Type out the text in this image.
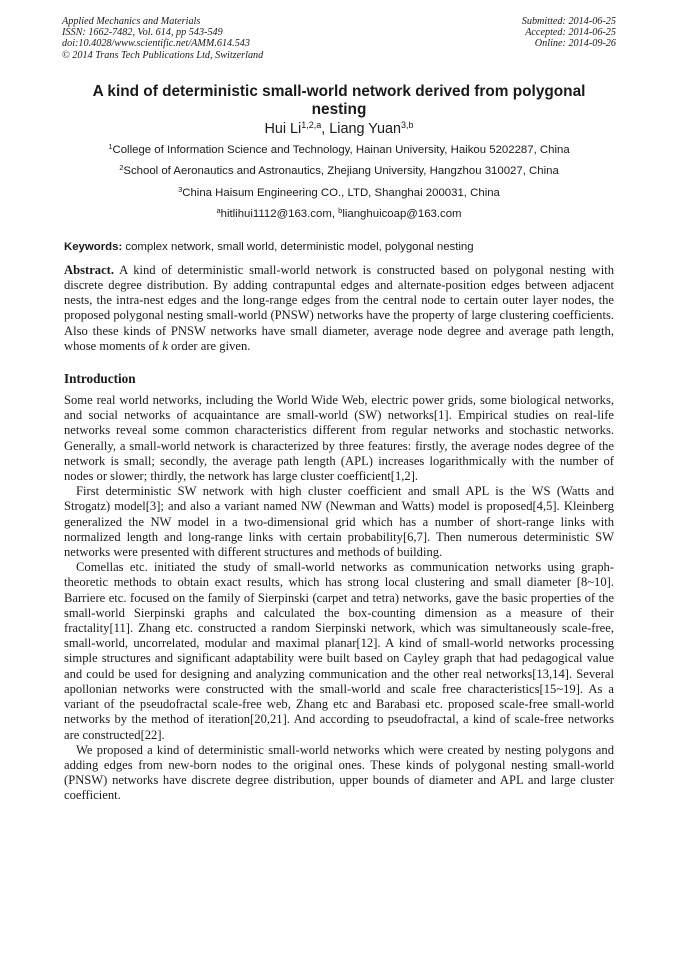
Applied Mechanics and Materials
ISSN: 1662-7482, Vol. 614, pp 543-549
doi:10.4028/www.scientific.net/AMM.614.543
© 2014 Trans Tech Publications Ltd, Switzerland
Submitted: 2014-06-25
Accepted: 2014-06-25
Online: 2014-09-26
A kind of deterministic small-world network derived from polygonal nesting
Hui Li$^{1,2,a}$, Liang Yuan$^{3,b}$
$^1$College of Information Science and Technology, Hainan University, Haikou 5202287, China
$^2$School of Aeronautics and Astronautics, Zhejiang University, Hangzhou 310027, China
$^3$China Haisum Engineering CO., LTD, Shanghai 200031, China
$^a$hitlihui1112@163.com, $^b$lianghuicoap@163.com
Keywords: complex network, small world, deterministic model, polygonal nesting
Abstract. A kind of deterministic small-world network is constructed based on polygonal nesting with discrete degree distribution. By adding contrapuntal edges and alternate-position edges between adjacent nests, the intra-nest edges and the long-range edges from the central node to certain outer layer nodes, the proposed polygonal nesting small-world (PNSW) networks have the property of large clustering coefficients. Also these kinds of PNSW networks have small diameter, average node degree and average path length, whose moments of k order are given.
Introduction

Some real world networks, including the World Wide Web, electric power grids, some biological networks, and social networks of acquaintance are small-world (SW) networks[1]. Empirical studies on real-life networks reveal some common characteristics different from regular networks and stochastic networks. Generally, a small-world network is characterized by three features: firstly, the average nodes degree of the network is small; secondly, the average path length (APL) increases logarithmically with the number of nodes or slower; thirdly, the network has large cluster coefficient[1,2].

First deterministic SW network with high cluster coefficient and small APL is the WS (Watts and Strogatz) model[3]; and also a variant named NW (Newman and Watts) model is proposed[4,5]. Kleinberg generalized the NW model in a two-dimensional grid which has a number of short-range links with normalized length and long-range links with certain probability[6,7]. Then numerous deterministic SW networks were presented with different structures and methods of building.

Comellas etc. initiated the study of small-world networks as communication networks using graph-theoretic methods to obtain exact results, which has strong local clustering and small diameter [8~10]. Barriere etc. focused on the family of Sierpinski (carpet and tetra) networks, gave the basic properties of the small-world Sierpinski graphs and calculated the box-counting dimension as a measure of their fractality[11]. Zhang etc. constructed a random Sierpinski network, which was simultaneously scale-free, small-world, uncorrelated, modular and maximal planar[12]. A kind of small-world networks processing simple structures and significant adaptability were built based on Cayley graph that had pedagogical value and could be used for designing and analyzing communication and the other real networks[13,14]. Several apollonian networks were constructed with the small-world and scale free characteristics[15~19]. As a variant of the pseudofractal scale-free web, Zhang etc and Barabasi etc. proposed scale-free small-world networks by the method of iteration[20,21]. And according to pseudofractal, a kind of scale-free networks are constructed[22].

We proposed a kind of deterministic small-world networks which were created by nesting polygons and adding edges from new-born nodes to the original ones. These kinds of polygonal nesting small-world (PNSW) networks have discrete degree distribution, upper bounds of diameter and APL and large cluster coefficient.
